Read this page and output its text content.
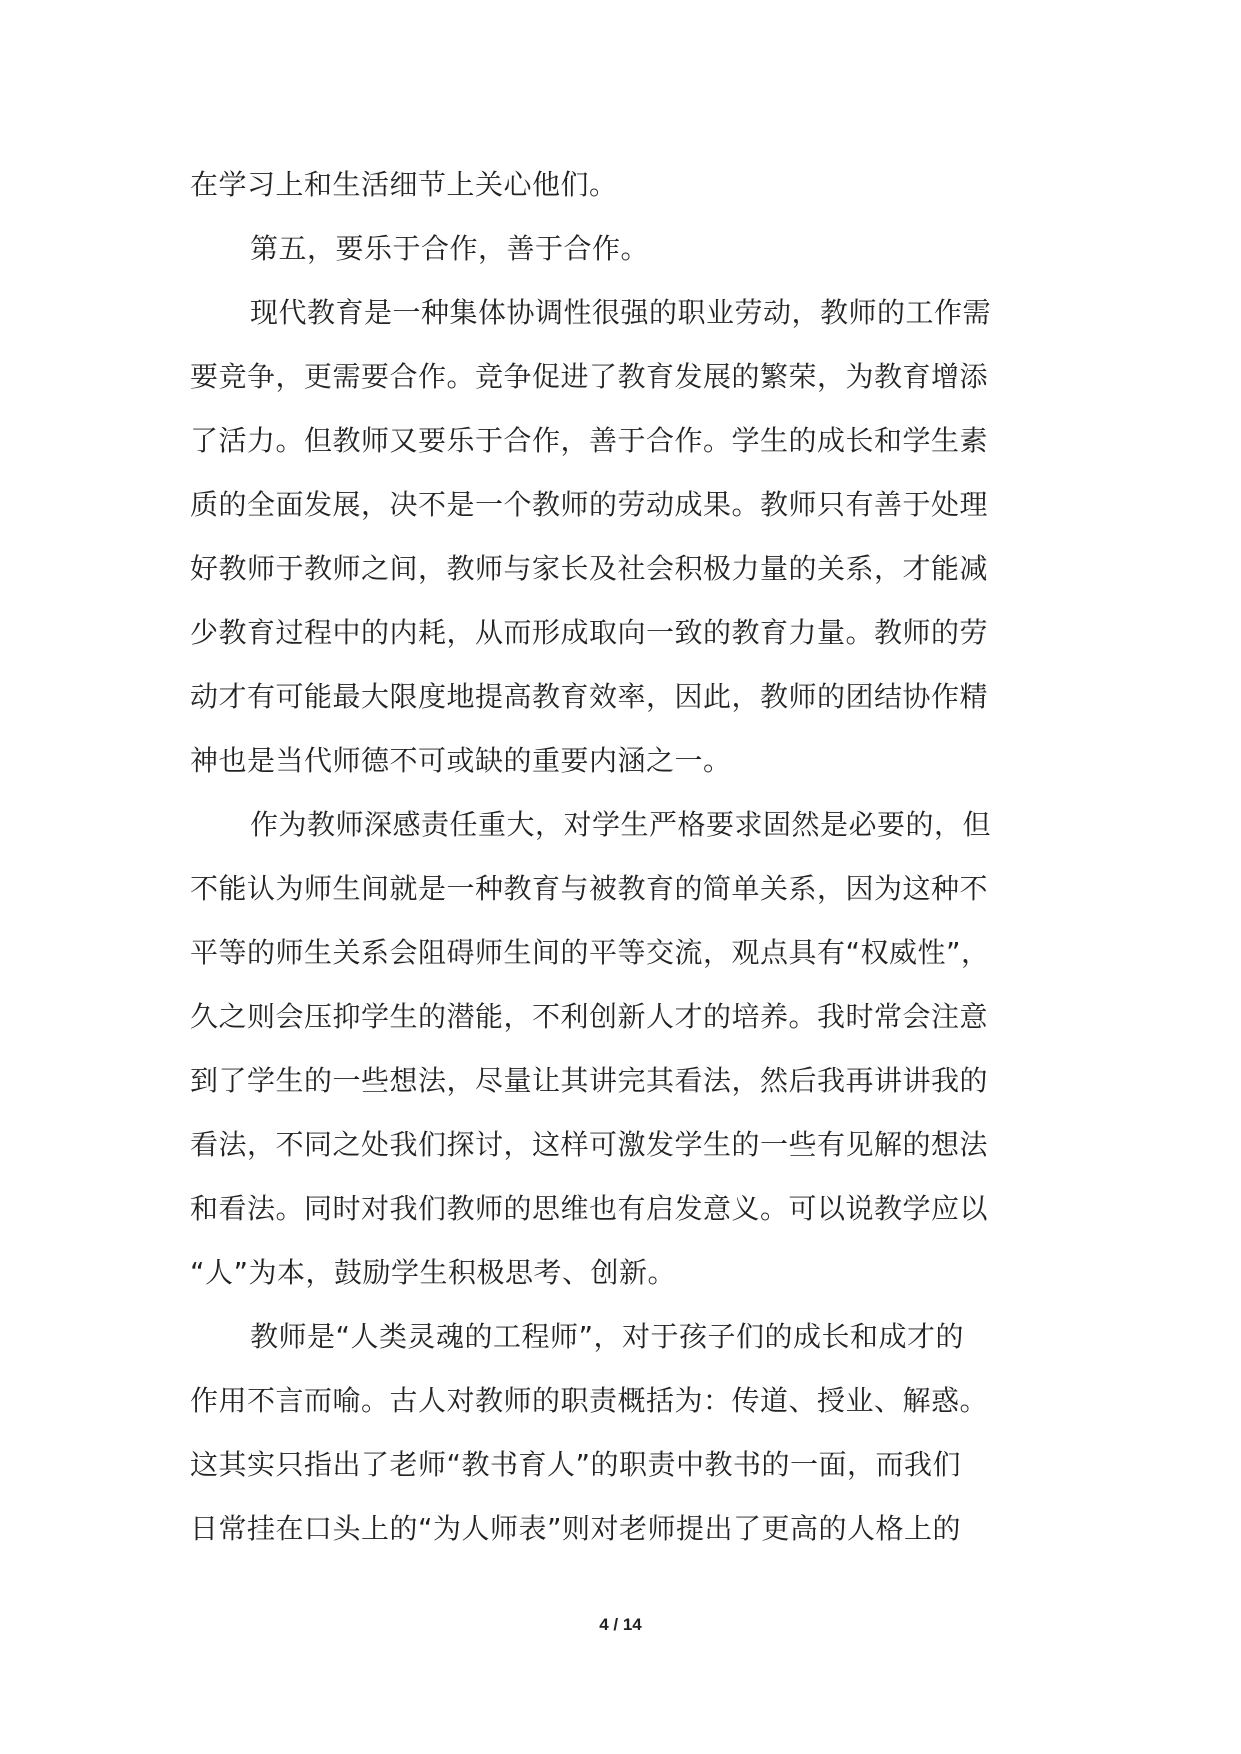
在学习上和生活细节上关心他们。
第五，要乐于合作，善于合作。
现代教育是一种集体协调性很强的职业劳动，教师的工作需
要竞争，更需要合作。竞争促进了教育发展的繁荣，为教育增添
了活力。但教师又要乐于合作，善于合作。学生的成长和学生素
质的全面发展，决不是一个教师的劳动成果。教师只有善于处理
好教师于教师之间，教师与家长及社会积极力量的关系，才能减
少教育过程中的内耗，从而形成取向一致的教育力量。教师的劳
动才有可能最大限度地提高教育效率，因此，教师的团结协作精
神也是当代师德不可或缺的重要内涵之一。
作为教师深感责任重大，对学生严格要求固然是必要的，但
不能认为师生间就是一种教育与被教育的简单关系，因为这种不
平等的师生关系会阻碍师生间的平等交流，观点具有“权威性”，
久之则会压抑学生的潜能，不利创新人才的培养。我时常会注意
到了学生的一些想法，尽量让其讲完其看法，然后我再讲讲我的
看法，不同之处我们探讨，这样可激发学生的一些有见解的想法
和看法。同时对我们教师的思维也有启发意义。可以说教学应以
“人”为本，鼓励学生积极思考、创新。
教师是“人类灵魂的工程师”，对于孩子们的成长和成才的
作用不言而喻。古人对教师的职责概括为：传道、授业、解惑。
这其实只指出了老师“教书育人”的职责中教书的一面，而我们
日常挂在口头上的“为人师表”则对老师提出了更高的人格上的
4 / 14
